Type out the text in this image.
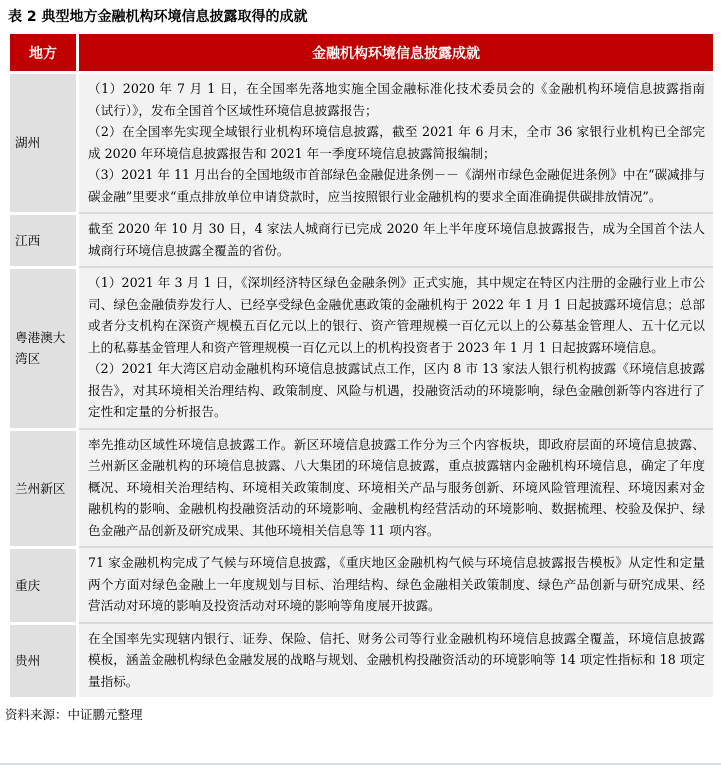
表 2 典型地方金融机构环境信息披露取得的成就
地方	金融机构环境信息披露成就
湖州

（1）2020 年 7 月 1 日，在全国率先落地实施全国金融标准化技术委员会的《金融机构环境信息披露指南（试行）》，发布全国首个区域性环境信息披露报告；

（2）在全国率先实现全域银行业机构环境信息披露，截至 2021 年 6 月末，全市 36 家银行业机构已全部完成 2020 年环境信息披露报告和 2021 年一季度环境信息披露简报编制；

（3）2021 年 11 月出台的全国地级市首部绿色金融促进条例－－《湖州市绿色金融促进条例》中在“碳减排与碳金融”里要求“重点排放单位申请贷款时，应当按照银行业金融机构的要求全面准确提供碳排放情况”。

江西

截至 2020 年 10 月 30 日，4 家法人城商行已完成 2020 年上半年度环境信息披露报告，成为全国首个法人城商行环境信息披露全覆盖的省份。

粤港澳大湾区

（1）2021 年 3 月 1 日，《深圳经济特区绿色金融条例》正式实施，其中规定在特区内注册的金融行业上市公司、绿色金融债券发行人、已经享受绿色金融优惠政策的金融机构于 2022 年 1 月 1 日起披露环境信息；总部或者分支机构在深资产规模五百亿元以上的银行、资产管理规模一百亿元以上的公募基金管理人、五十亿元以上的私募基金管理人和资产管理规模一百亿元以上的机构投资者于 2023 年 1 月 1 日起披露环境信息。

（2）2021 年大湾区启动金融机构环境信息披露试点工作，区内 8 市 13 家法人银行机构披露《环境信息披露报告》，对其环境相关治理结构、政策制度、风险与机遇，投融资活动的环境影响，绿色金融创新等内容进行了定性和定量的分析报告。

兰州新区

率先推动区域性环境信息披露工作。新区环境信息披露工作分为三个内容板块，即政府层面的环境信息披露、兰州新区金融机构的环境信息披露、八大集团的环境信息披露，重点披露辖内金融机构环境信息，确定了年度概况、环境相关治理结构、环境相关政策制度、环境相关产品与服务创新、环境风险管理流程、环境因素对金融机构的影响、金融机构投融资活动的环境影响、金融机构经营活动的环境影响、数据梳理、校验及保护、绿色金融产品创新及研究成果、其他环境相关信息等 11 项内容。

重庆

71 家金融机构完成了气候与环境信息披露，《重庆地区金融机构气候与环境信息披露报告模板》从定性和定量两个方面对绿色金融上一年度规划与目标、治理结构、绿色金融相关政策制度、绿色产品创新与研究成果、经营活动对环境的影响及投资活动对环境的影响等角度展开披露。

贵州

在全国率先实现辖内银行、证券、保险、信托、财务公司等行业金融机构环境信息披露全覆盖，环境信息披露模板，涵盖金融机构绿色金融发展的战略与规划、金融机构投融资活动的环境影响等 14 项定性指标和 18 项定量指标。

资料来源：中证鹏元整理
